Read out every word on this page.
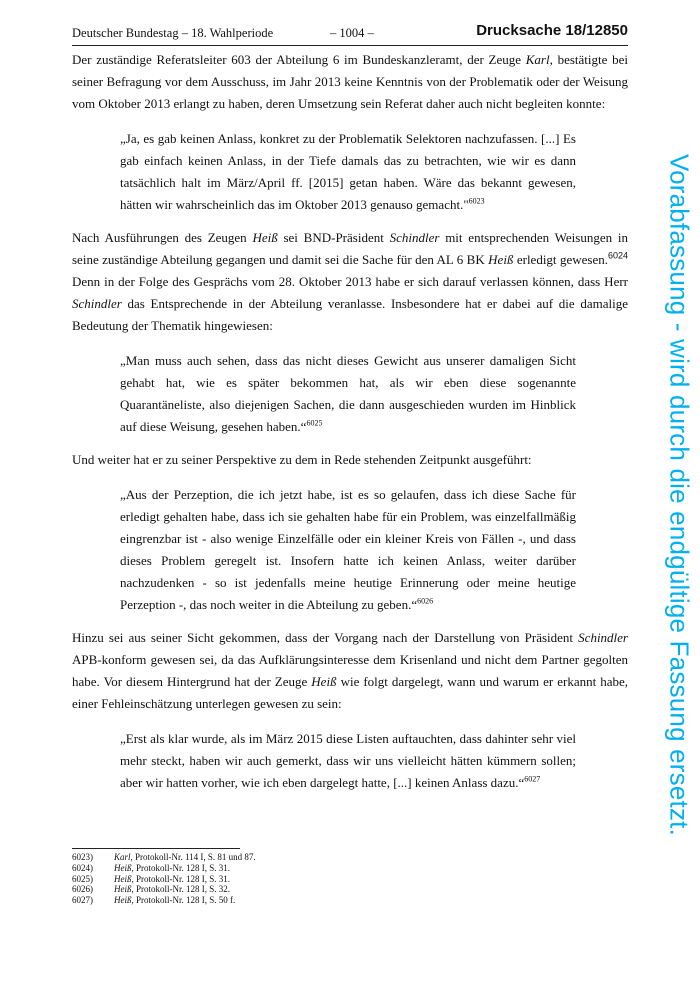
Deutscher Bundestag – 18. Wahlperiode	– 1004 –	Drucksache 18/12850

Der zuständige Referatsleiter 603 der Abteilung 6 im Bundeskanzleramt, der Zeuge Karl, bestätigte bei seiner Befragung vor dem Ausschuss, im Jahr 2013 keine Kenntnis von der Problematik oder der Weisung vom Oktober 2013 erlangt zu haben, deren Umsetzung sein Referat daher auch nicht begleiten konnte:

„Ja, es gab keinen Anlass, konkret zu der Problematik Selektoren nachzufassen. [...] Es gab einfach keinen Anlass, in der Tiefe damals das zu betrachten, wie wir es dann tatsächlich halt im März/April ff. [2015] getan haben. Wäre das bekannt gewesen, hätten wir wahrscheinlich das im Oktober 2013 genauso gemacht."$^{6023}$

Nach Ausführungen des Zeugen Heiß sei BND-Präsident Schindler mit entsprechenden Weisungen in seine zuständige Abteilung gegangen und damit sei die Sache für den AL 6 BK Heiß erledigt gewesen.$^{6024}$ Denn in der Folge des Gesprächs vom 28. Oktober 2013 habe er sich darauf verlassen können, dass Herr Schindler das Entsprechende in der Abteilung veranlasse. Insbesondere hat er dabei auf die damalige Bedeutung der Thematik hingewiesen:

„Man muss auch sehen, dass das nicht dieses Gewicht aus unserer damaligen Sicht gehabt hat, wie es später bekommen hat, als wir eben diese sogenannte Quarantäneliste, also diejenigen Sachen, die dann ausgeschieden wurden im Hinblick auf diese Weisung, gesehen haben.“$^{6025}$

Und weiter hat er zu seiner Perspektive zu dem in Rede stehenden Zeitpunkt ausgeführt:

„Aus der Perzeption, die ich jetzt habe, ist es so gelaufen, dass ich diese Sache für erledigt gehalten habe, dass ich sie gehalten habe für ein Problem, was einzelfallmäßig eingrenzbar ist - also wenige Einzelfälle oder ein kleiner Kreis von Fällen -, und dass dieses Problem geregelt ist. Insofern hatte ich keinen Anlass, weiter darüber nachzudenken - so ist jedenfalls meine heutige Erinnerung oder meine heutige Perzeption -, das noch weiter in die Abteilung zu geben.“$^{6026}$

Hinzu sei aus seiner Sicht gekommen, dass der Vorgang nach der Darstellung von Präsident Schindler APB-konform gewesen sei, da das Aufklärungsinteresse dem Krisenland und nicht dem Partner gegolten habe. Vor diesem Hintergrund hat der Zeuge Heiß wie folgt dargelegt, wann und warum er erkannt habe, einer Fehleinschätzung unterlegen gewesen zu sein:

„Erst als klar wurde, als im März 2015 diese Listen auftauchten, dass dahinter sehr viel mehr steckt, haben wir auch gemerkt, dass wir uns vielleicht hätten kümmern sollen; aber wir hatten vorher, wie ich eben dargelegt hatte, [...] keinen Anlass dazu.“$^{6027}$
6023)	Karl, Protokoll-Nr. 114 I, S. 81 und 87.
6024)	Heiß, Protokoll-Nr. 128 I, S. 31.
6025)	Heiß, Protokoll-Nr. 128 I, S. 31.
6026)	Heiß, Protokoll-Nr. 128 I, S. 32.
6027)	Heiß, Protokoll-Nr. 128 I, S. 50 f.
Vorabfassung - wird durch die endgültige Fassung ersetzt.
